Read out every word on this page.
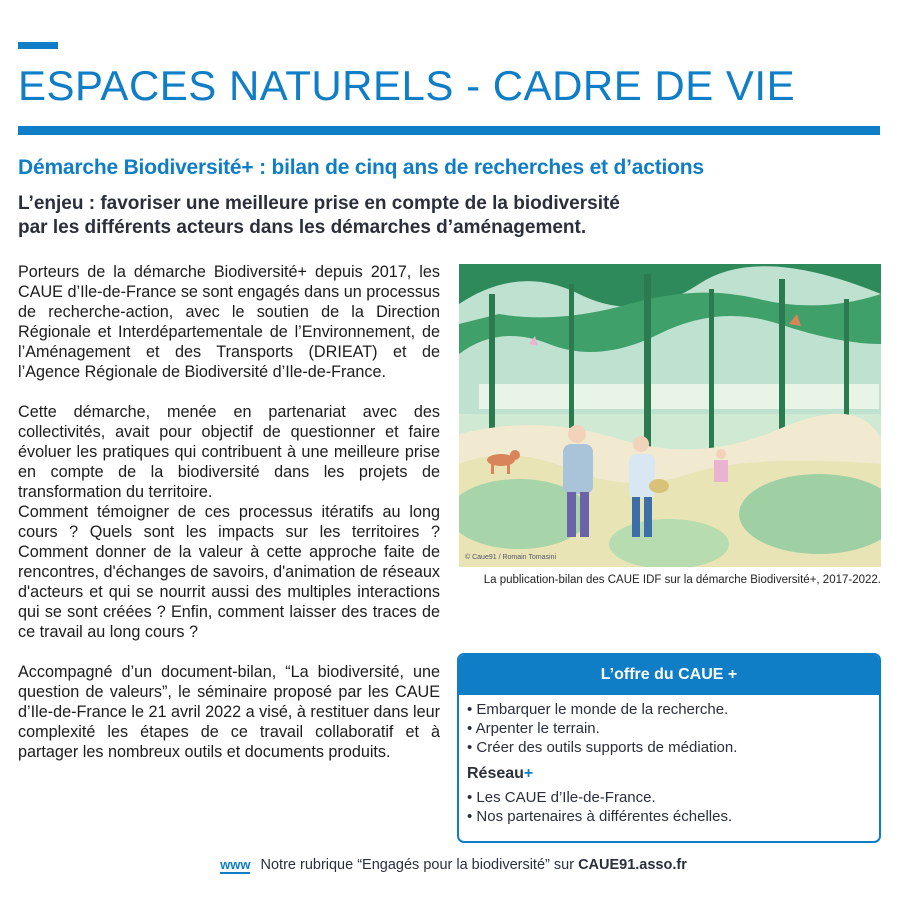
ESPACES NATURELS - CADRE DE VIE
Démarche Biodiversité+ : bilan de cinq ans de recherches et d’actions

L’enjeu : favoriser une meilleure prise en compte de la biodiversité
par les différents acteurs dans les démarches d’aménagement.

Porteurs de la démarche Biodiversité+ depuis 2017, les CAUE d’Ile-de-France se sont engagés dans un processus de recherche-action, avec le soutien de la Direction Régionale et Interdépartementale de l’Environnement, de l’Aménagement et des Transports (DRIEAT) et de l’Agence Régionale de Biodiversité d’Ile-de-France.

Cette démarche, menée en partenariat avec des collectivités, avait pour objectif de questionner et faire évoluer les pratiques qui contribuent à une meilleure prise en compte de la biodiversité dans les projets de transformation du territoire.

Comment témoigner de ces processus itératifs au long cours ? Quels sont les impacts sur les territoires ? Comment donner de la valeur à cette approche faite de rencontres, d'échanges de savoirs, d'animation de réseaux d'acteurs et qui se nourrit aussi des multiples interactions qui se sont créées ? Enfin, comment laisser des traces de ce travail au long cours ?

Accompagné d’un document-bilan, “La biodiversité, une question de valeurs”, le séminaire proposé par les CAUE d’Ile-de-France le 21 avril 2022 a visé, à restituer dans leur complexité les étapes de ce travail collaboratif et à partager les nombreux outils et documents produits.

© Caue91 / Romain Tomasini
La publication-bilan des CAUE IDF sur la démarche Biodiversité+, 2017-2022.
L’offre du CAUE +
• Embarquer le monde de la recherche.
• Arpenter le terrain.
• Créer des outils supports de médiation.
Réseau+
• Les CAUE d’Ile-de-France.
• Nos partenaires à différentes échelles.
www Notre rubrique “Engagés pour la biodiversité” sur CAUE91.asso.fr
